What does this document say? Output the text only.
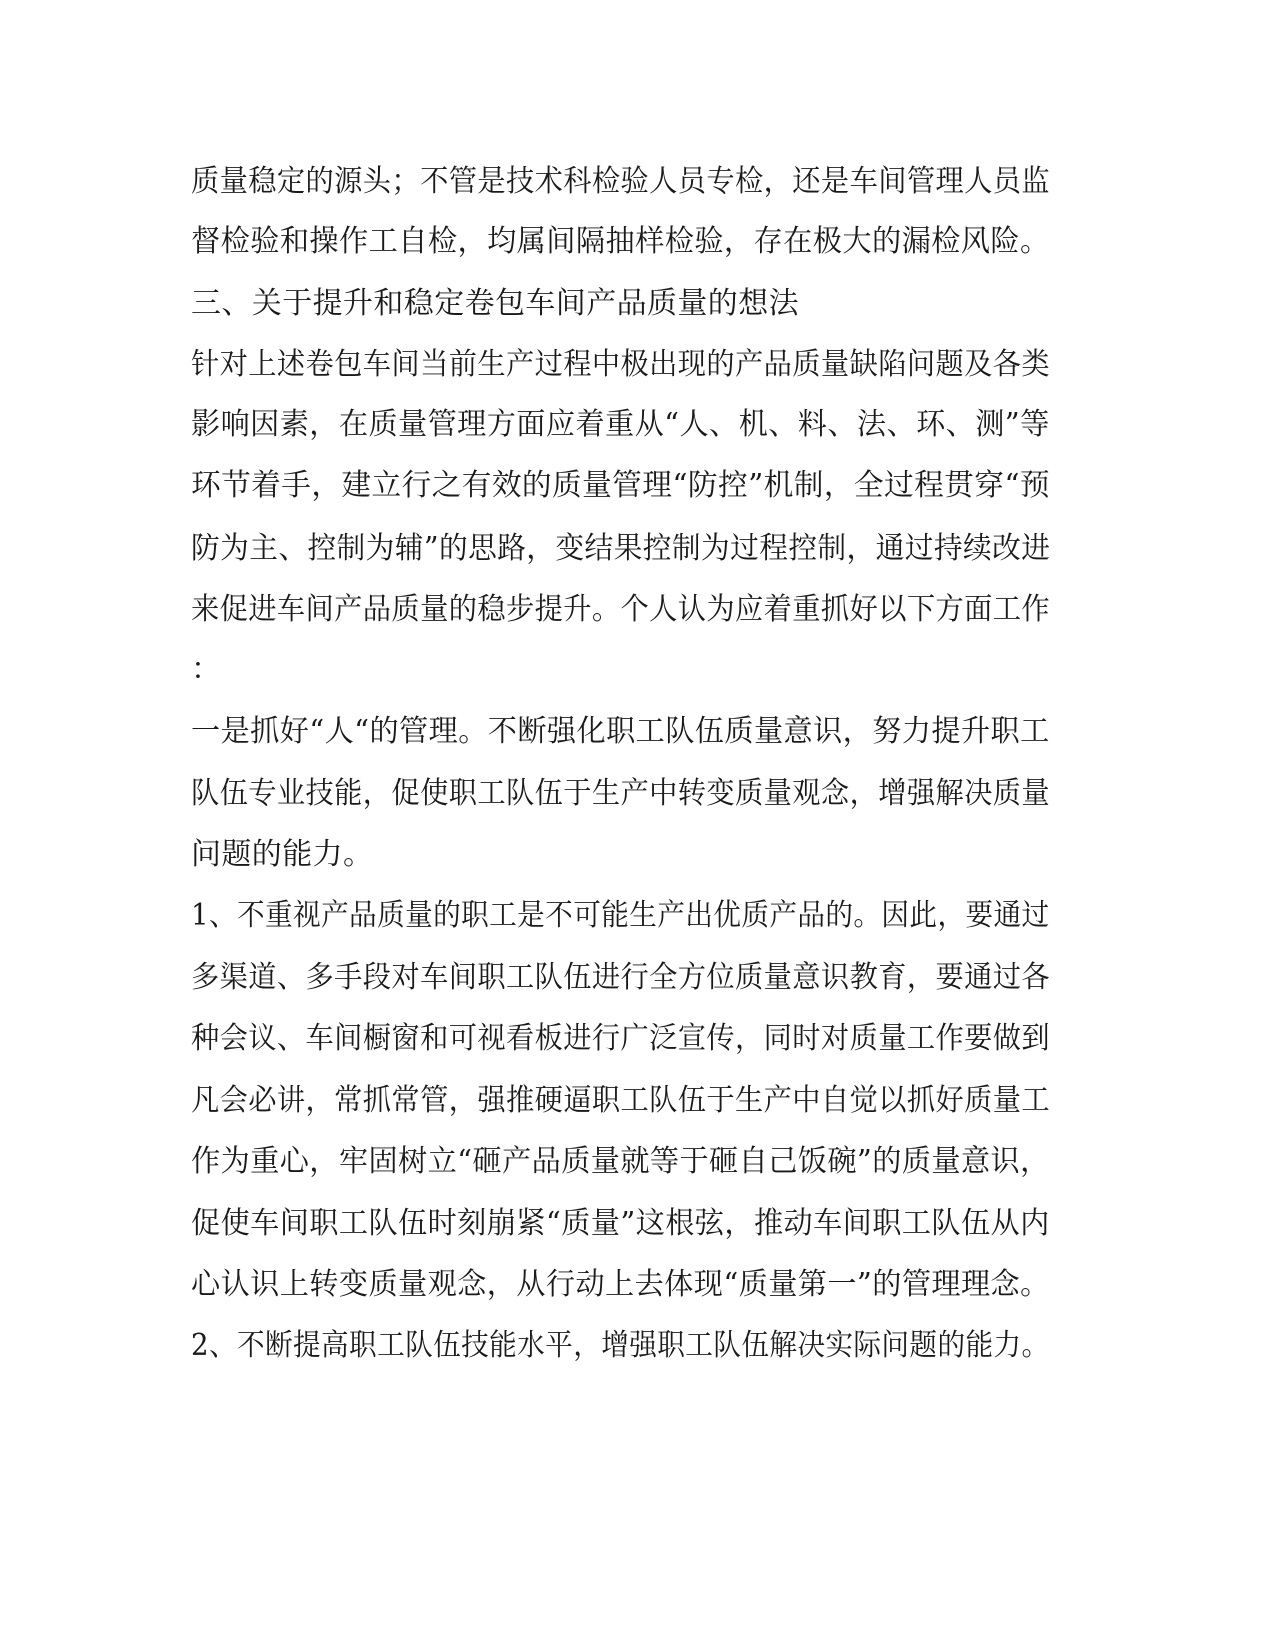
质量稳定的源头；不管是技术科检验人员专检，还是车间管理人员监

督检验和操作工自检，均属间隔抽样检验，存在极大的漏检风险。

三、关于提升和稳定卷包车间产品质量的想法

针对上述卷包车间当前生产过程中极出现的产品质量缺陷问题及各类

影响因素，在质量管理方面应着重从“人、机、料、法、环、测”等

环节着手，建立行之有效的质量管理“防控”机制，全过程贯穿“预

防为主、控制为辅”的思路，变结果控制为过程控制，通过持续改进

来促进车间产品质量的稳步提升。个人认为应着重抓好以下方面工作

：

一是抓好“人“的管理。不断强化职工队伍质量意识，努力提升职工

队伍专业技能，促使职工队伍于生产中转变质量观念，增强解决质量

问题的能力。

1、不重视产品质量的职工是不可能生产出优质产品的。因此，要通过

多渠道、多手段对车间职工队伍进行全方位质量意识教育，要通过各

种会议、车间橱窗和可视看板进行广泛宣传，同时对质量工作要做到

凡会必讲，常抓常管，强推硬逼职工队伍于生产中自觉以抓好质量工

作为重心，牢固树立“砸产品质量就等于砸自己饭碗”的质量意识，

促使车间职工队伍时刻崩紧“质量”这根弦，推动车间职工队伍从内

心认识上转变质量观念，从行动上去体现“质量第一”的管理理念。

2、不断提高职工队伍技能水平，增强职工队伍解决实际问题的能力。
